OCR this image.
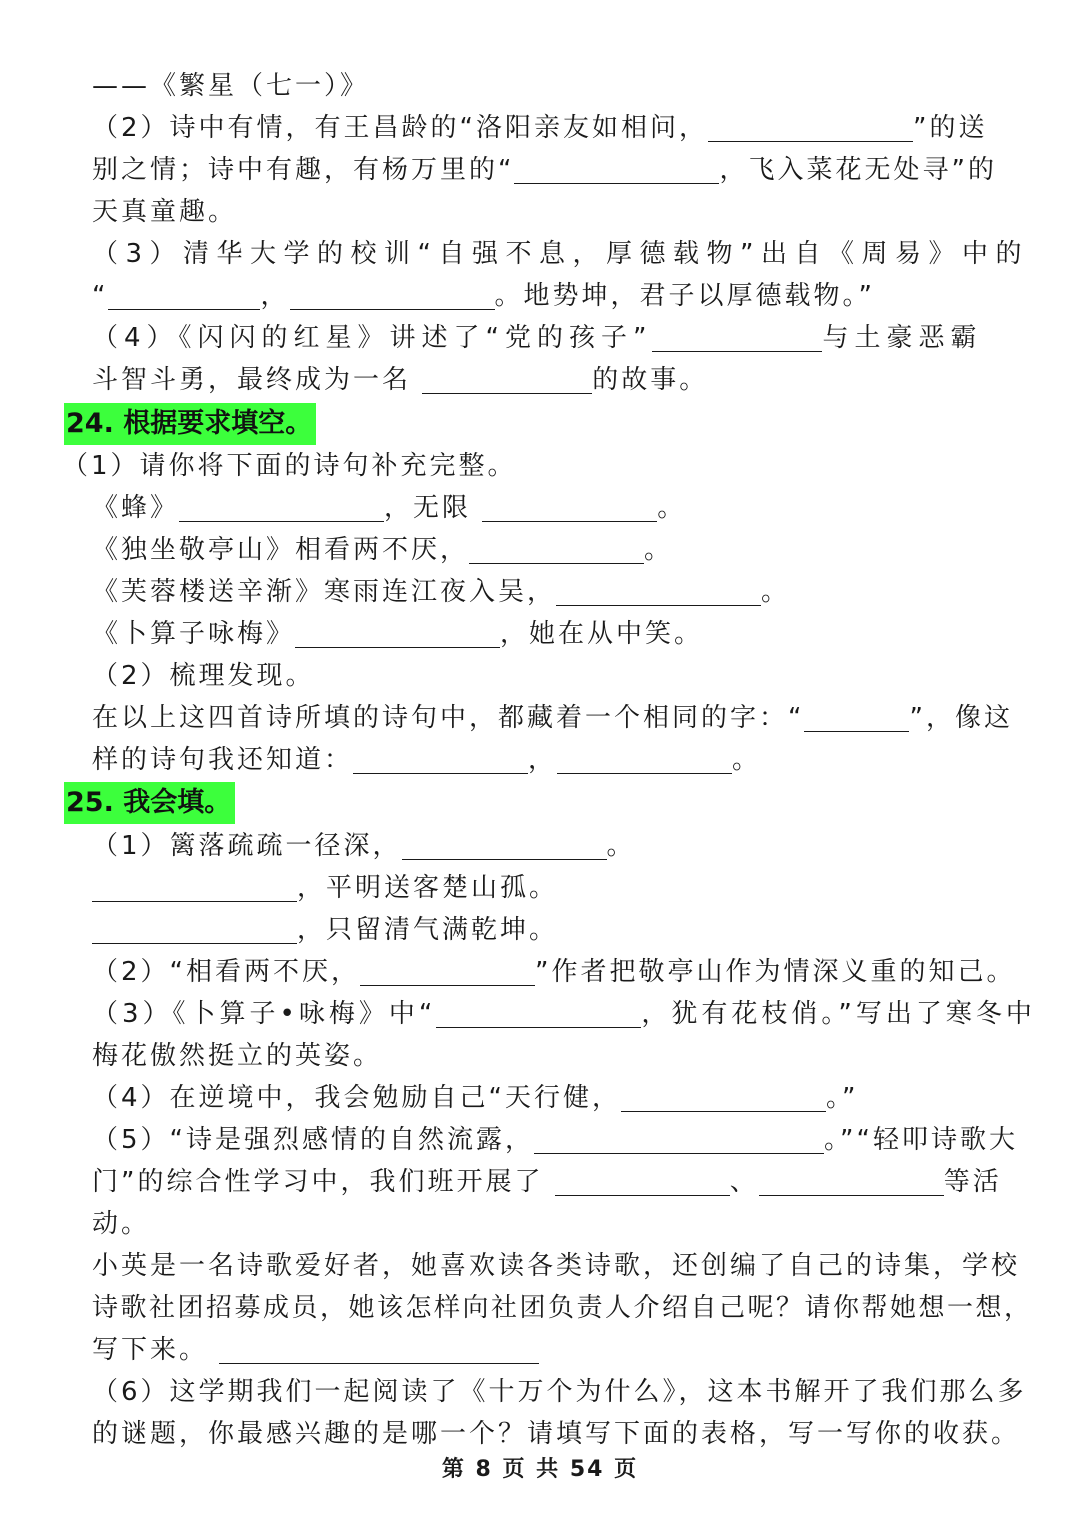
——《繁星（七一）》
（2）诗中有情，有王昌龄的“洛阳亲友如相问，	”的送
别之情；诗中有趣，有杨万里的“	，飞入菜花无处寻”的
天真童趣。
（3）清华大学的校训“自强不息，厚德载物”出自《周易》中的
“	，	。地势坤，君子以厚德载物。”
（4）《闪闪的红星》讲述了“党的孩子”	与土豪恶霸
斗智斗勇，最终成为一名	的故事。
24. 根据要求填空。
（1）请你将下面的诗句补充完整。
《蜂》	，无限	。
《独坐敬亭山》相看两不厌，	。
《芙蓉楼送辛渐》寒雨连江夜入吴，	。
《卜算子咏梅》	，她在从中笑。
（2）梳理发现。
在以上这四首诗所填的诗句中，都藏着一个相同的字：“	”，像这
样的诗句我还知道：	，	。
25. 我会填。
（1）篱落疏疏一径深，	。
，平明送客楚山孤。
，只留清气满乾坤。
（2）“相看两不厌，	”作者把敬亭山作为情深义重的知己。
（3）《卜算子•咏梅》中“	，犹有花枝俏。”写出了寒冬中
梅花傲然挺立的英姿。
（4）在逆境中，我会勉励自己“天行健，	。”
（5）“诗是强烈感情的自然流露，	。”“轻叩诗歌大
门”的综合性学习中，我们班开展了	、	等活
动。
小英是一名诗歌爱好者，她喜欢读各类诗歌，还创编了自己的诗集，学校
诗歌社团招募成员，她该怎样向社团负责人介绍自己呢？请你帮她想一想，
写下来。
（6）这学期我们一起阅读了《十万个为什么》，这本书解开了我们那么多
的谜题，你最感兴趣的是哪一个？请填写下面的表格，写一写你的收获。
第 8 页 共 54 页
